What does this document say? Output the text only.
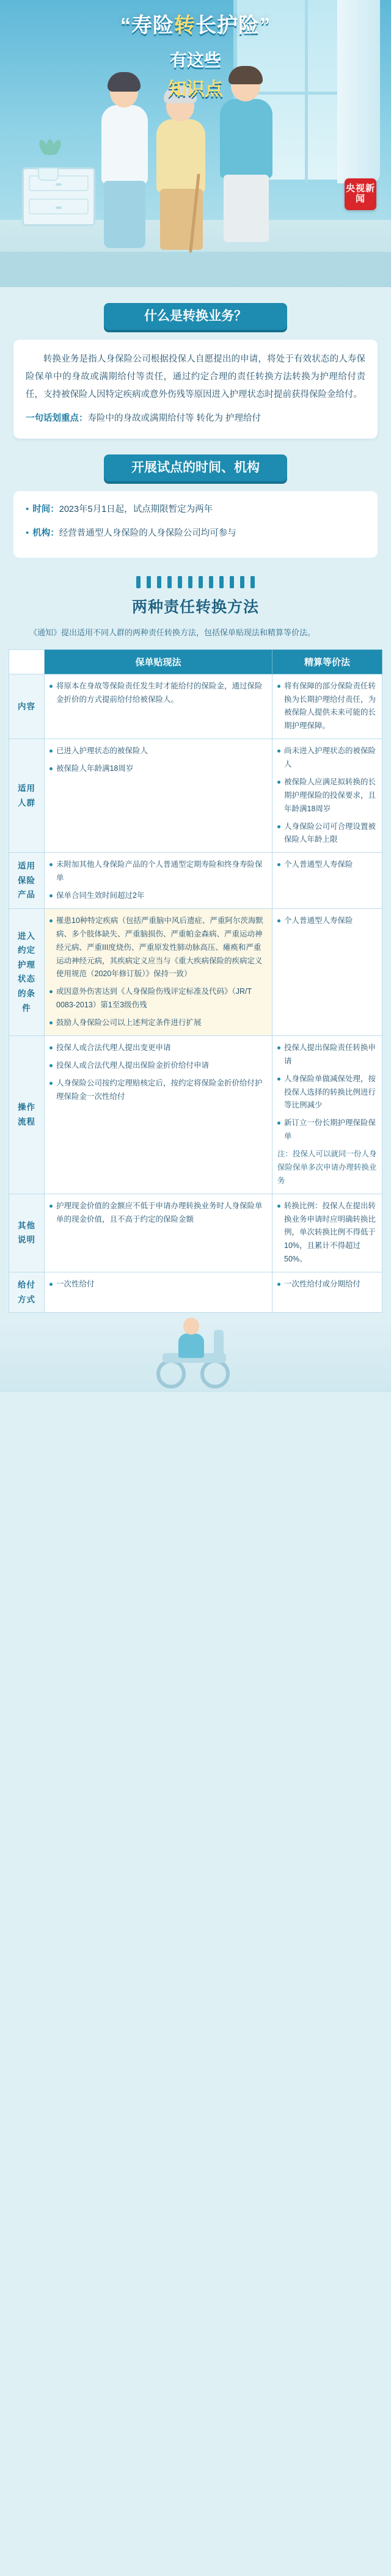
“寿险转长护险”
有这些
知识点
央视新闻
什么是转换业务？
转换业务是指人身保险公司根据投保人自愿提出的申请，将处于有效状态的人寿保险保单中的身故或满期给付等责任，通过约定合理的责任转换方法转换为护理给付责任，支持被保险人因特定疾病或意外伤残等原因进入护理状态时提前获得保险金给付。
一句话划重点：寿险中的身故或满期给付等 转化为 护理给付
开展试点的时间、机构
• 时间：2023年5月1日起，试点期限暂定为两年
• 机构：经营普通型人身保险的人身保险公司均可参与
两种责任转换方法
《通知》提出适用不同人群的两种责任转换方法，包括保单贴现法和精算等价法。
	保单贴现法	精算等价法
内容	
将原本在身故等保险责任发生时才能给付的保险金，通过保险金折价的方式提前给付给被保险人。

将有保障的部分保险责任转换为长期护理给付责任，为被保险人提供未来可能的长期护理保障。

适用人群	
已进入护理状态的被保险人
被保险人年龄满18周岁

尚未进入护理状态的被保险人
被保险人应满足拟转换的长期护理保险的投保要求，且年龄满18周岁
人身保险公司可合理设置被保险人年龄上限

适用保险产品	
未附加其他人身保险产品的个人普通型定期寿险和终身寿险保单
保单合同生效时间超过2年

个人普通型人寿保险

进入约定护理状态的条件	
罹患10种特定疾病（包括严重脑中风后遗症、严重阿尔茨海默病、多个肢体缺失、严重脑损伤、严重帕金森病、严重运动神经元病、严重III度烧伤、严重原发性肺动脉高压、瘫痪和严重运动神经元病，其疾病定义应当与《重大疾病保险的疾病定义使用规范（2020年修订版）》保持一致）
或因意外伤害达到《人身保险伤残评定标准及代码》（JR/T 0083-2013）第1至3级伤残
鼓励人身保险公司以上述判定条件进行扩展

个人普通型人寿保险

操作流程	
投保人或合法代理人提出变更申请
投保人或合法代理人提出保险金折价给付申请
人身保险公司按约定理赔核定后，按约定将保险金折价给付护理保险金一次性给付

投保人提出保险责任转换申请
人身保险单做减保处理，按投保人选择的转换比例进行等比例减少
新订立一份长期护理保险保单
注：投保人可以就同一份人身保险保单多次申请办理转换业务

其他说明	
护理现金价值的金额应不低于申请办理转换业务时人身保险单单的现金价值，且不高于约定的保险金额

转换比例：投保人在提出转换业务申请时应明确转换比例，单次转换比例不得低于10%，且累计不得超过50%。

给付方式	
一次性给付	一次性给付或分期给付
